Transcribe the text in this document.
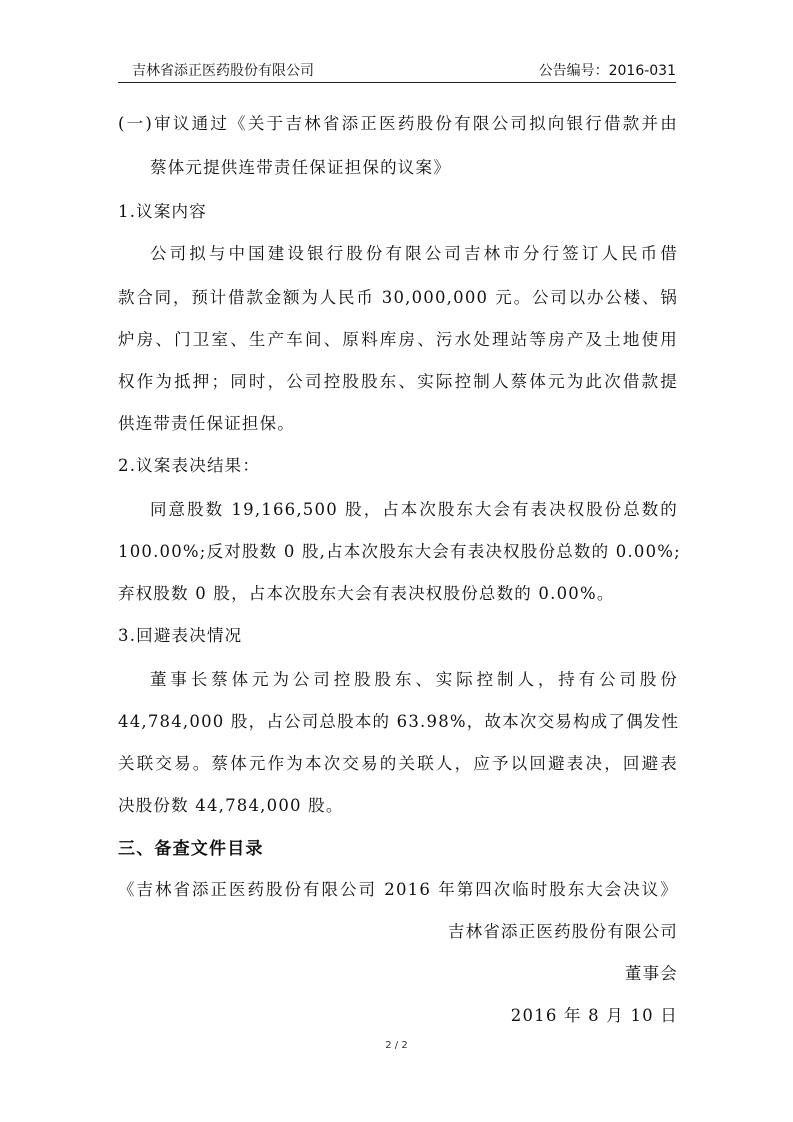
吉林省添正医药股份有限公司	公告编号：2016-031
(一)审议通过《关于吉林省添正医药股份有限公司拟向银行借款并由
蔡体元提供连带责任保证担保的议案》
1.议案内容
公司拟与中国建设银行股份有限公司吉林市分行签订人民币借
款合同，预计借款金额为人民币 30,000,000 元。公司以办公楼、锅
炉房、门卫室、生产车间、原料库房、污水处理站等房产及土地使用
权作为抵押；同时，公司控股股东、实际控制人蔡体元为此次借款提
供连带责任保证担保。
2.议案表决结果：
同意股数 19,166,500 股，占本次股东大会有表决权股份总数的
100.00%;反对股数 0 股,占本次股东大会有表决权股份总数的 0.00%;
弃权股数 0 股，占本次股东大会有表决权股份总数的 0.00%。
3.回避表决情况
董事长蔡体元为公司控股股东、实际控制人，持有公司股份
44,784,000 股，占公司总股本的 63.98%，故本次交易构成了偶发性
关联交易。蔡体元作为本次交易的关联人，应予以回避表决，回避表
决股份数 44,784,000 股。
三、备查文件目录
《吉林省添正医药股份有限公司 2016 年第四次临时股东大会决议》
吉林省添正医药股份有限公司
董事会
2016 年 8 月 10 日
2 / 2
